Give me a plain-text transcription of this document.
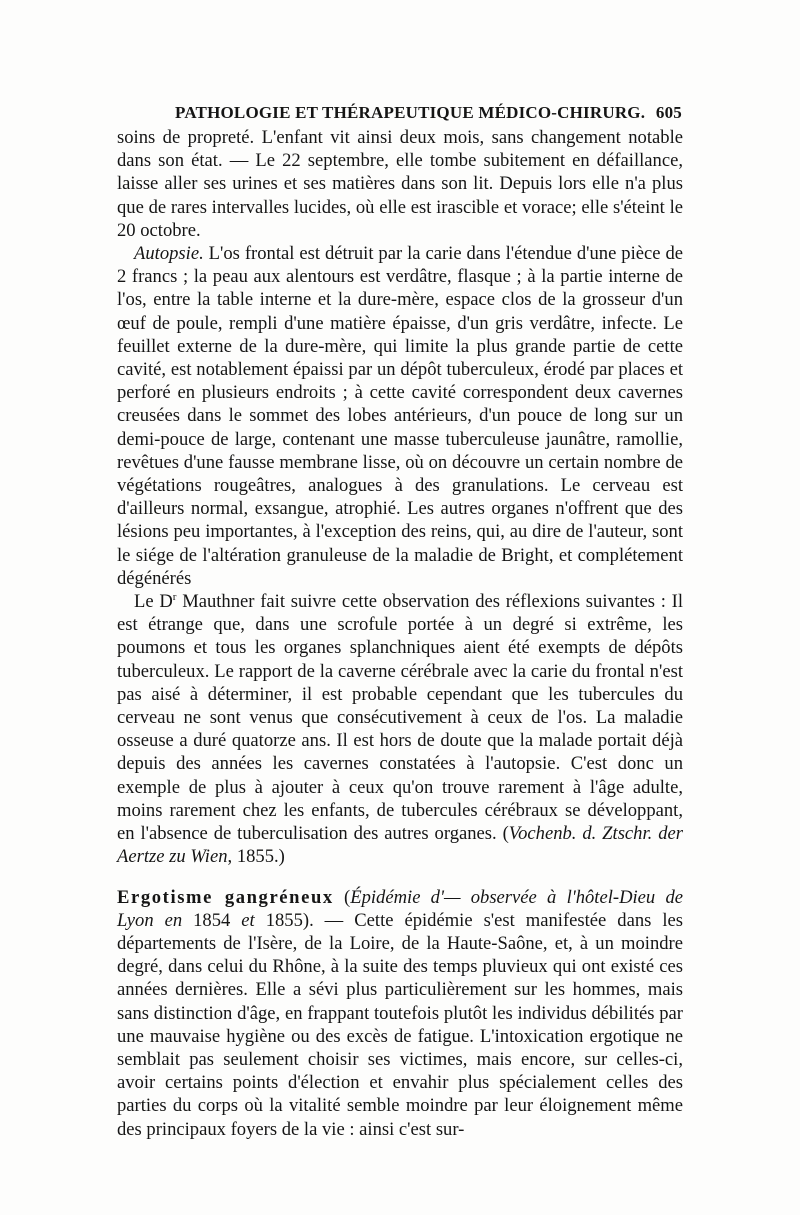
PATHOLOGIE ET THÉRAPEUTIQUE MÉDICO-CHIRURG. 605

soins de propreté. L'enfant vit ainsi deux mois, sans changement notable dans son état. — Le 22 septembre, elle tombe subitement en défaillance, laisse aller ses urines et ses matières dans son lit. Depuis lors elle n'a plus que de rares intervalles lucides, où elle est irascible et vorace; elle s'éteint le 20 octobre.

Autopsie. L'os frontal est détruit par la carie dans l'étendue d'une pièce de 2 francs ; la peau aux alentours est verdâtre, flasque ; à la partie interne de l'os, entre la table interne et la dure-mère, espace clos de la grosseur d'un œuf de poule, rempli d'une matière épaisse, d'un gris verdâtre, infecte. Le feuillet externe de la dure-mère, qui limite la plus grande partie de cette cavité, est notablement épaissi par un dépôt tuberculeux, érodé par places et perforé en plusieurs endroits ; à cette cavité correspondent deux cavernes creusées dans le sommet des lobes antérieurs, d'un pouce de long sur un demi-pouce de large, contenant une masse tuberculeuse jaunâtre, ramollie, revêtues d'une fausse membrane lisse, où on découvre un certain nombre de végétations rougeâtres, analogues à des granulations. Le cerveau est d'ailleurs normal, exsangue, atrophié. Les autres organes n'offrent que des lésions peu importantes, à l'exception des reins, qui, au dire de l'auteur, sont le siége de l'altération granuleuse de la maladie de Bright, et complétement dégénérés

Le $D^r$ Mauthner fait suivre cette observation des réflexions suivantes : Il est étrange que, dans une scrofule portée à un degré si extrême, les poumons et tous les organes splanchniques aient été exempts de dépôts tuberculeux. Le rapport de la caverne cérébrale avec la carie du frontal n'est pas aisé à déterminer, il est probable cependant que les tubercules du cerveau ne sont venus que consécutivement à ceux de l'os. La maladie osseuse a duré quatorze ans. Il est hors de doute que la malade portait déjà depuis des années les cavernes constatées à l'autopsie. C'est donc un exemple de plus à ajouter à ceux qu'on trouve rarement à l'âge adulte, moins rarement chez les enfants, de tubercules cérébraux se développant, en l'absence de tuberculisation des autres organes. (Vochenb. d. Ztschr. der Aertze zu Wien, 1855.)

Ergotisme gangréneux (Épidémie d'— observée à l'hôtel-Dieu de Lyon en 1854 et 1855). — Cette épidémie s'est manifestée dans les départements de l'Isère, de la Loire, de la Haute-Saône, et, à un moindre degré, dans celui du Rhône, à la suite des temps pluvieux qui ont existé ces années dernières. Elle a sévi plus particulièrement sur les hommes, mais sans distinction d'âge, en frappant toutefois plutôt les individus débilités par une mauvaise hygiène ou des excès de fatigue. L'intoxication ergotique ne semblait pas seulement choisir ses victimes, mais encore, sur celles-ci, avoir certains points d'élection et envahir plus spécialement celles des parties du corps où la vitalité semble moindre par leur éloignement même des principaux foyers de la vie : ainsi c'est sur-
